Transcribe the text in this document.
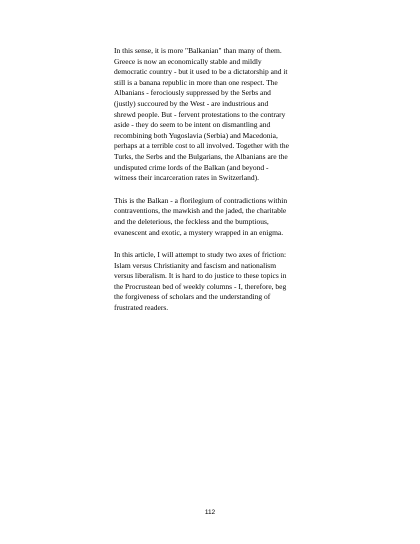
In this sense, it is more "Balkanian" than many of them.
Greece is now an economically stable and mildly
democratic country - but it used to be a dictatorship and it
still is a banana republic in more than one respect. The
Albanians - ferociously suppressed by the Serbs and
(justly) succoured by the West - are industrious and
shrewd people. But - fervent protestations to the contrary
aside - they do seem to be intent on dismantling and
recombining both Yugoslavia (Serbia) and Macedonia,
perhaps at a terrible cost to all involved. Together with the
Turks, the Serbs and the Bulgarians, the Albanians are the
undisputed crime lords of the Balkan (and beyond -
witness their incarceration rates in Switzerland).

This is the Balkan - a florilegium of contradictions within
contraventions, the mawkish and the jaded, the charitable
and the deleterious, the feckless and the bumptious,
evanescent and exotic, a mystery wrapped in an enigma.

In this article, I will attempt to study two axes of friction:
Islam versus Christianity and fascism and nationalism
versus liberalism. It is hard to do justice to these topics in
the Procrustean bed of weekly columns - I, therefore, beg
the forgiveness of scholars and the understanding of
frustrated readers.

112
